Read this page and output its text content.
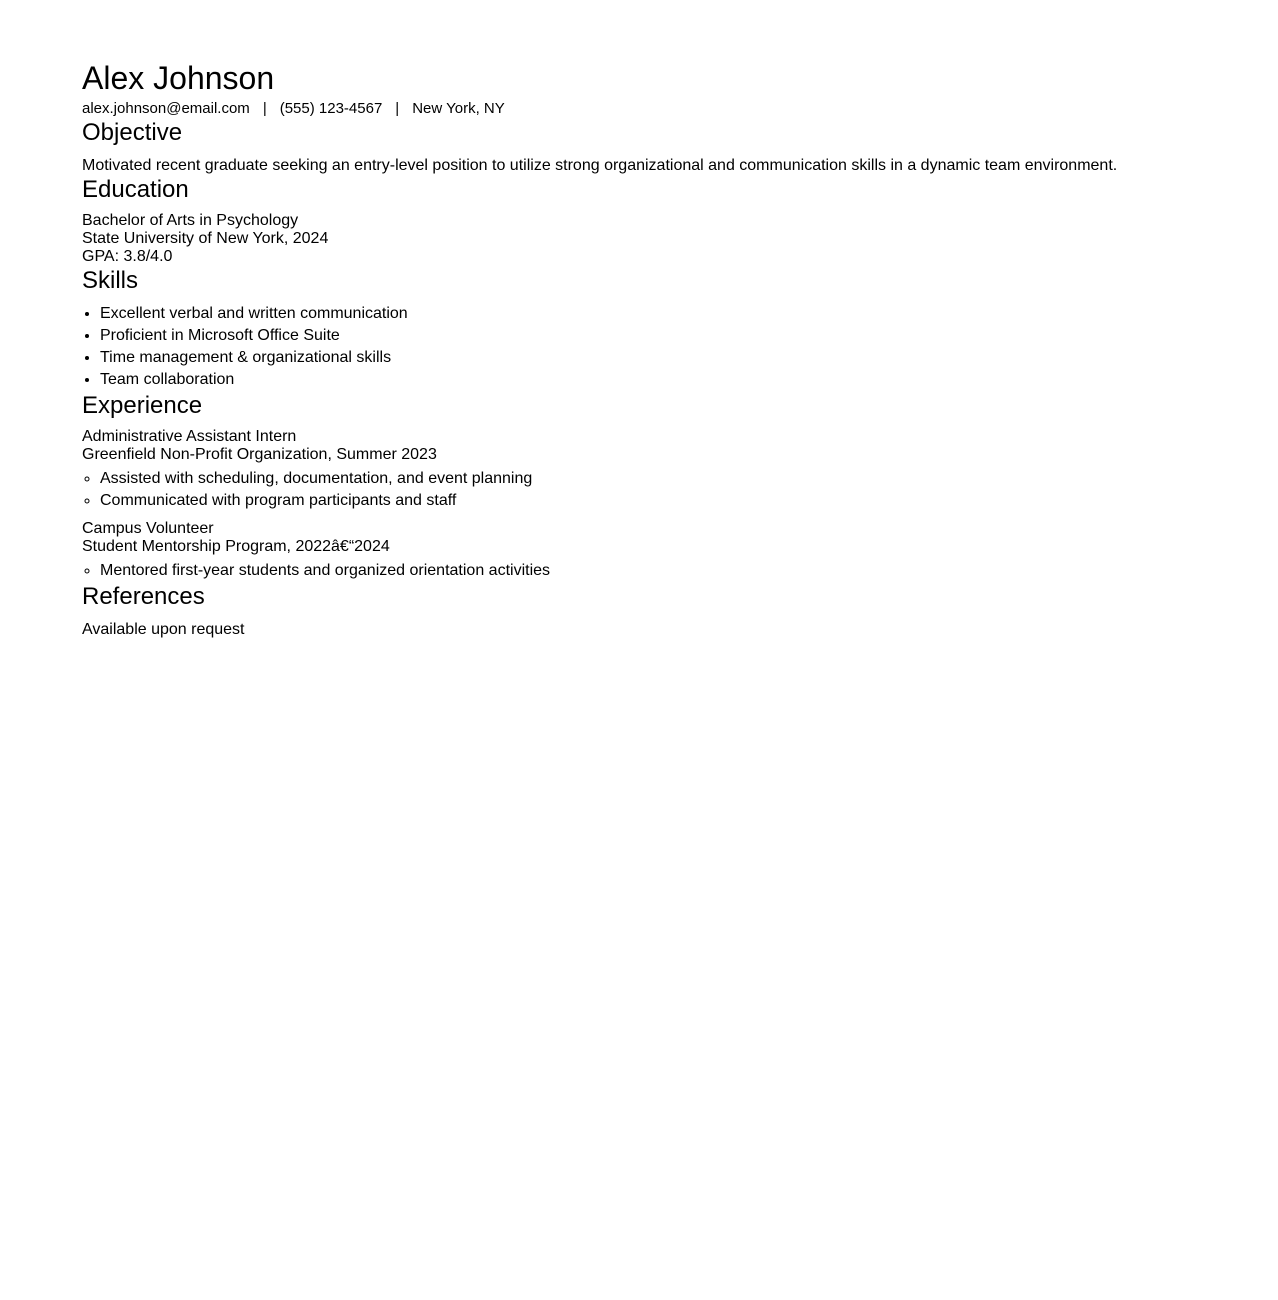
Alex Johnson
alex.johnson@email.com | (555) 123-4567 | New York, NY
Objective
Motivated recent graduate seeking an entry-level position to utilize strong organizational and communication skills in a dynamic team environment.
Education
Bachelor of Arts in Psychology
State University of New York, 2024
GPA: 3.8/4.0
Skills
• Excellent verbal and written communication
• Proficient in Microsoft Office Suite
• Time management & organizational skills
• Team collaboration
Experience
Administrative Assistant Intern
Greenfield Non-Profit Organization, Summer 2023
◦ Assisted with scheduling, documentation, and event planning
◦ Communicated with program participants and staff
Campus Volunteer
Student Mentorship Program, 2022â€“2024
◦ Mentored first-year students and organized orientation activities
References
Available upon request
